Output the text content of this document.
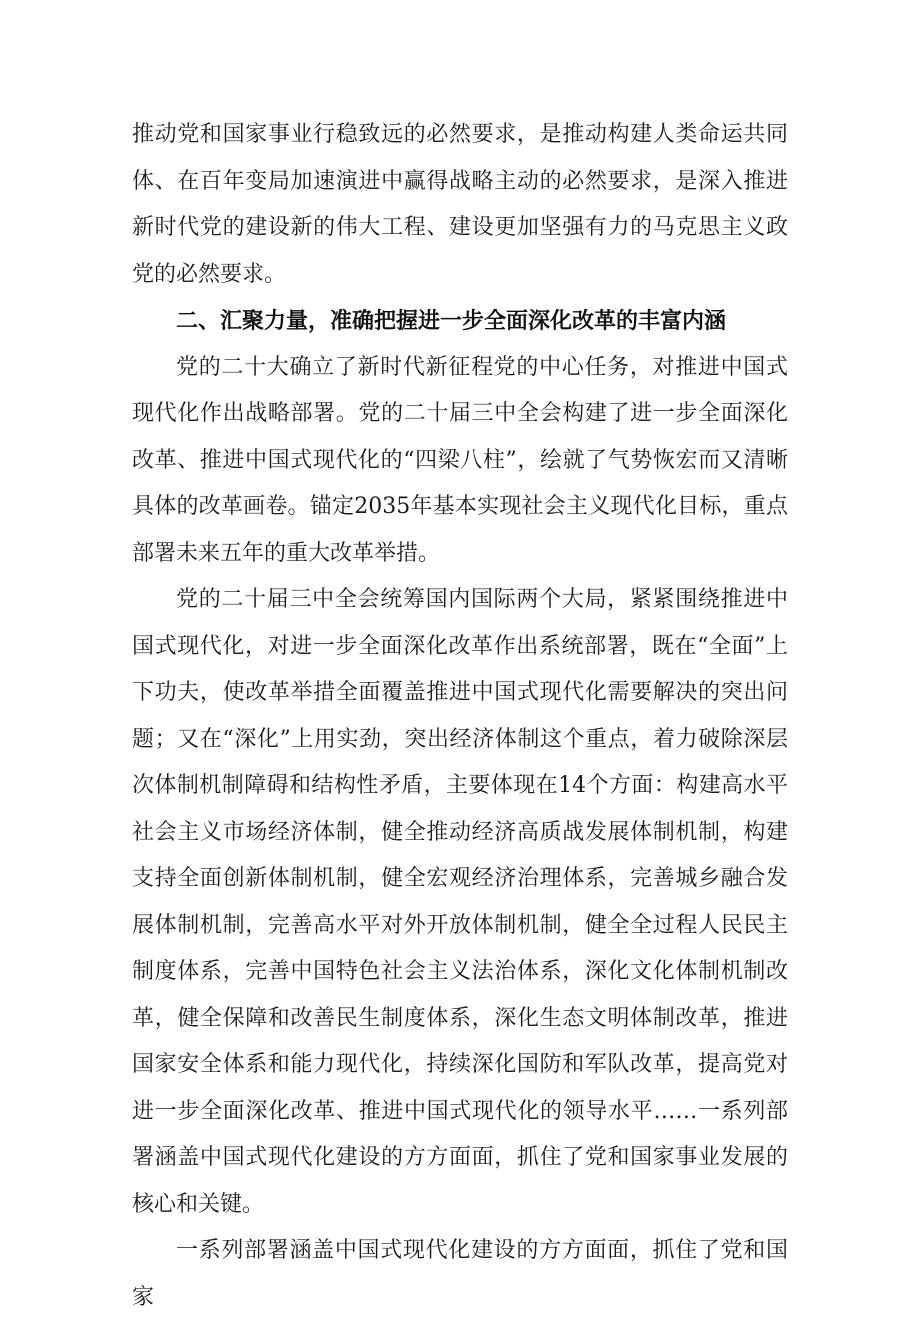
推动党和国家事业行稳致远的必然要求，是推动构建人类命运共同体、在百年变局加速演进中赢得战略主动的必然要求，是深入推进新时代党的建设新的伟大工程、建设更加坚强有力的马克思主义政党的必然要求。

二、汇聚力量，准确把握进一步全面深化改革的丰富内涵

党的二十大确立了新时代新征程党的中心任务，对推进中国式现代化作出战略部署。党的二十届三中全会构建了进一步全面深化改革、推进中国式现代化的“四梁八柱”，绘就了气势恢宏而又清晰具体的改革画卷。锚定2035年基本实现社会主义现代化目标，重点部署未来五年的重大改革举措。

党的二十届三中全会统筹国内国际两个大局，紧紧围绕推进中国式现代化，对进一步全面深化改革作出系统部署，既在“全面”上下功夫，使改革举措全面覆盖推进中国式现代化需要解决的突出问题；又在“深化”上用实劲，突出经济体制这个重点，着力破除深层次体制机制障碍和结构性矛盾，主要体现在14个方面：构建高水平社会主义市场经济体制，健全推动经济高质战发展体制机制，构建支持全面创新体制机制，健全宏观经济治理体系，完善城乡融合发展体制机制，完善高水平对外开放体制机制，健全全过程人民民主制度体系，完善中国特色社会主义法治体系，深化文化体制机制改革，健全保障和改善民生制度体系，深化生态文明体制改革，推进国家安全体系和能力现代化，持续深化国防和军队改革，提高党对进一步全面深化改革、推进中国式现代化的领导水平……一系列部署涵盖中国式现代化建设的方方面面，抓住了党和国家事业发展的核心和关键。

一系列部署涵盖中国式现代化建设的方方面面，抓住了党和国家
